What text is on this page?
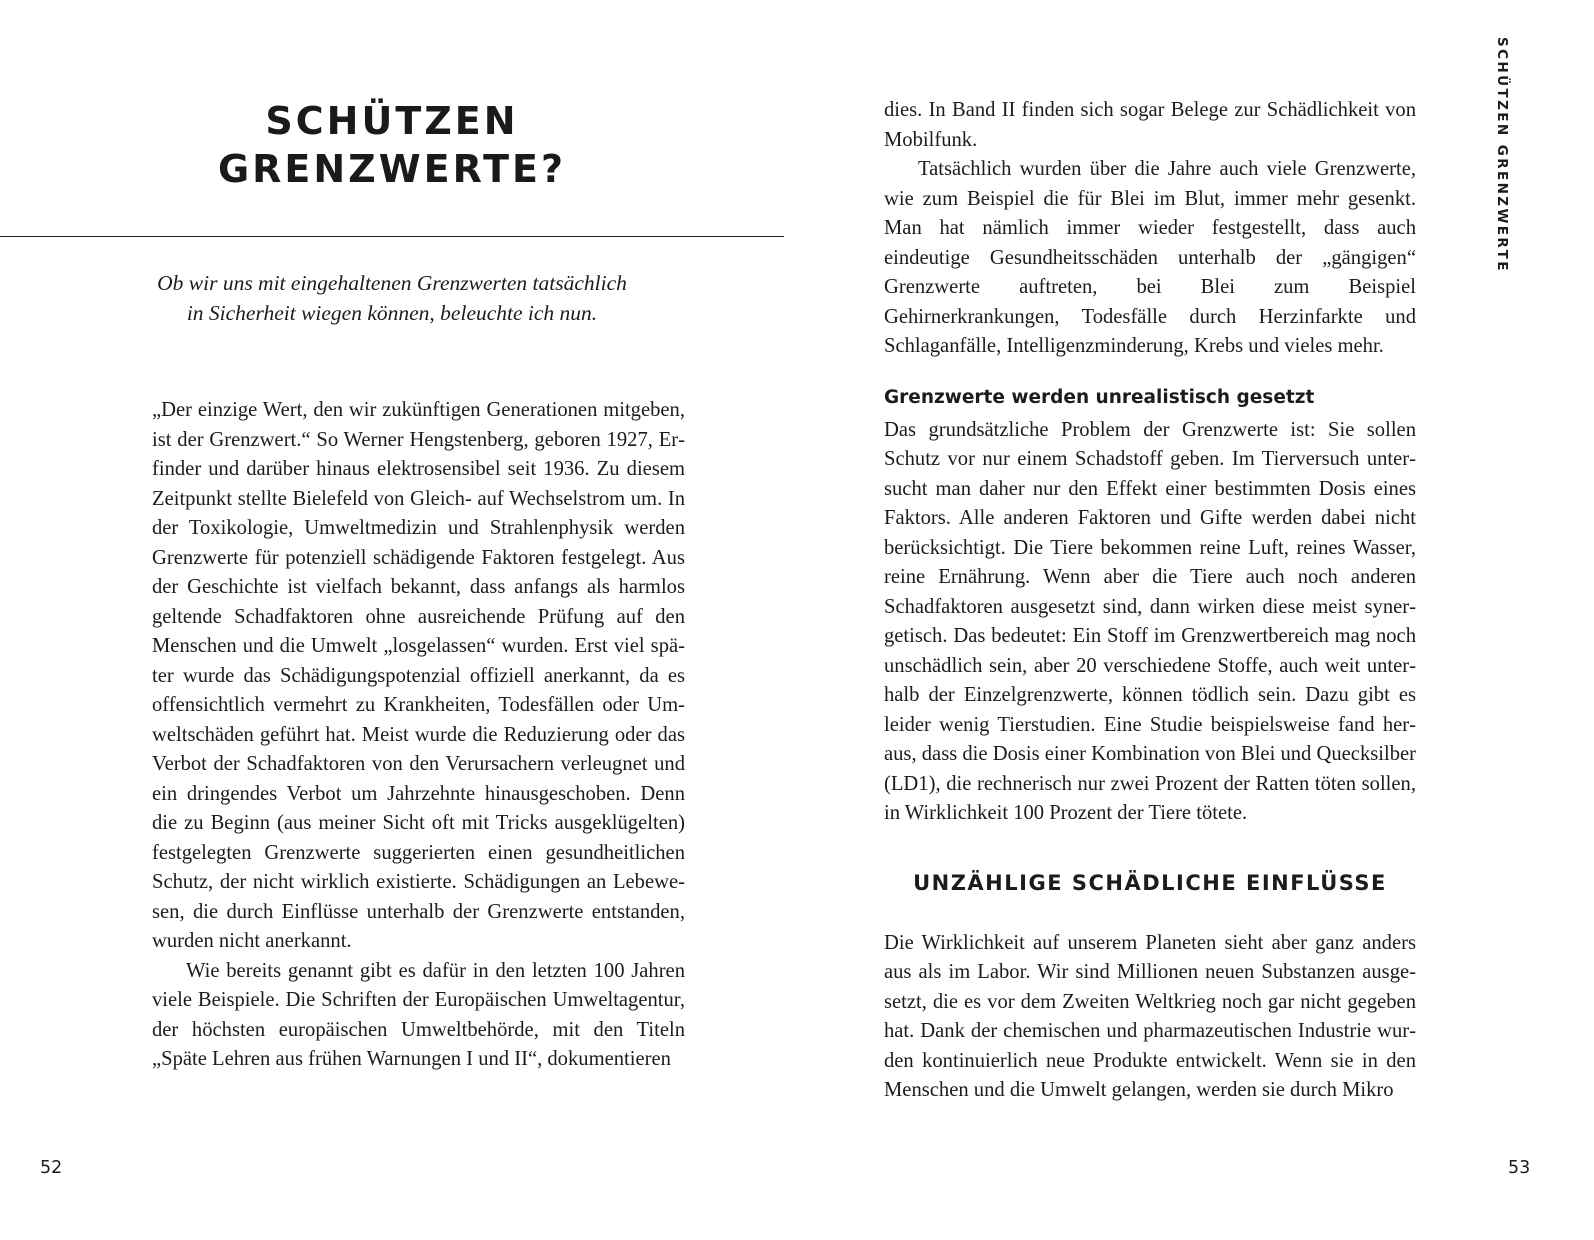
SCHÜTZEN
GRENZWERTE?
Ob wir uns mit eingehaltenen Grenzwerten tatsächlich
in Sicherheit wiegen können, beleuchte ich nun.

„Der einzige Wert, den wir zukünftigen Generationen mitgeben, ist der Grenzwert.“ So Werner Hengstenberg, geboren 1927, Erfinder und darüber hinaus elektrosensibel seit 1936. Zu diesem Zeitpunkt stellte Bielefeld von Gleich- auf Wechselstrom um. In der Toxikologie, Umweltmedizin und Strahlenphysik werden Grenzwerte für potenziell schädigende Faktoren festgelegt. Aus der Geschichte ist vielfach bekannt, dass anfangs als harmlos geltende Schadfaktoren ohne ausreichende Prüfung auf den Menschen und die Umwelt „losgelassen“ wurden. Erst viel später wurde das Schädigungspotenzial offiziell anerkannt, da es offensichtlich vermehrt zu Krankheiten, Todesfällen oder Umweltschäden geführt hat. Meist wurde die Reduzierung oder das Verbot der Schadfaktoren von den Verursachern verleugnet und ein dringendes Verbot um Jahrzehnte hinausgeschoben. Denn die zu Beginn (aus meiner Sicht oft mit Tricks ausgeklügelten) festgelegten Grenzwerte suggerierten einen gesundheitlichen Schutz, der nicht wirklich existierte. Schädigungen an Lebewesen, die durch Einflüsse unterhalb der Grenzwerte entstanden, wurden nicht anerkannt.

Wie bereits genannt gibt es dafür in den letzten 100 Jahren viele Beispiele. Die Schriften der Europäischen Umweltagentur, der höchsten europäischen Umweltbehörde, mit den Titeln „Späte Lehren aus frühen Warnungen I und II“, dokumentieren

52

dies. In Band II finden sich sogar Belege zur Schädlichkeit von Mobilfunk.

Tatsächlich wurden über die Jahre auch viele Grenzwerte, wie zum Beispiel die für Blei im Blut, immer mehr gesenkt. Man hat nämlich immer wieder festgestellt, dass auch eindeutige Gesundheitsschäden unterhalb der „gängigen“ Grenzwerte auftreten, bei Blei zum Beispiel Gehirnerkrankungen, Todesfälle durch Herzinfarkte und Schlaganfälle, Intelligenzminderung, Krebs und vieles mehr.

Grenzwerte werden unrealistisch gesetzt

Das grundsätzliche Problem der Grenzwerte ist: Sie sollen Schutz vor nur einem Schadstoff geben. Im Tierversuch untersucht man daher nur den Effekt einer bestimmten Dosis eines Faktors. Alle anderen Faktoren und Gifte werden dabei nicht berücksichtigt. Die Tiere bekommen reine Luft, reines Wasser, reine Ernährung. Wenn aber die Tiere auch noch anderen Schadfaktoren ausgesetzt sind, dann wirken diese meist synergetisch. Das bedeutet: Ein Stoff im Grenzwertbereich mag noch unschädlich sein, aber 20 verschiedene Stoffe, auch weit unterhalb der Einzelgrenzwerte, können tödlich sein. Dazu gibt es leider wenig Tierstudien. Eine Studie beispielsweise fand heraus, dass die Dosis einer Kombination von Blei und Quecksilber (LD1), die rechnerisch nur zwei Prozent der Ratten töten sollen, in Wirklichkeit 100 Prozent der Tiere tötete.

UNZÄHLIGE SCHÄDLICHE EINFLÜSSE

Die Wirklichkeit auf unserem Planeten sieht aber ganz anders aus als im Labor. Wir sind Millionen neuen Substanzen ausgesetzt, die es vor dem Zweiten Weltkrieg noch gar nicht gegeben hat. Dank der chemischen und pharmazeutischen Industrie wurden kontinuierlich neue Produkte entwickelt. Wenn sie in den Menschen und die Umwelt gelangen, werden sie durch Mikro

SCHÜTZEN GRENZWERTE
53
